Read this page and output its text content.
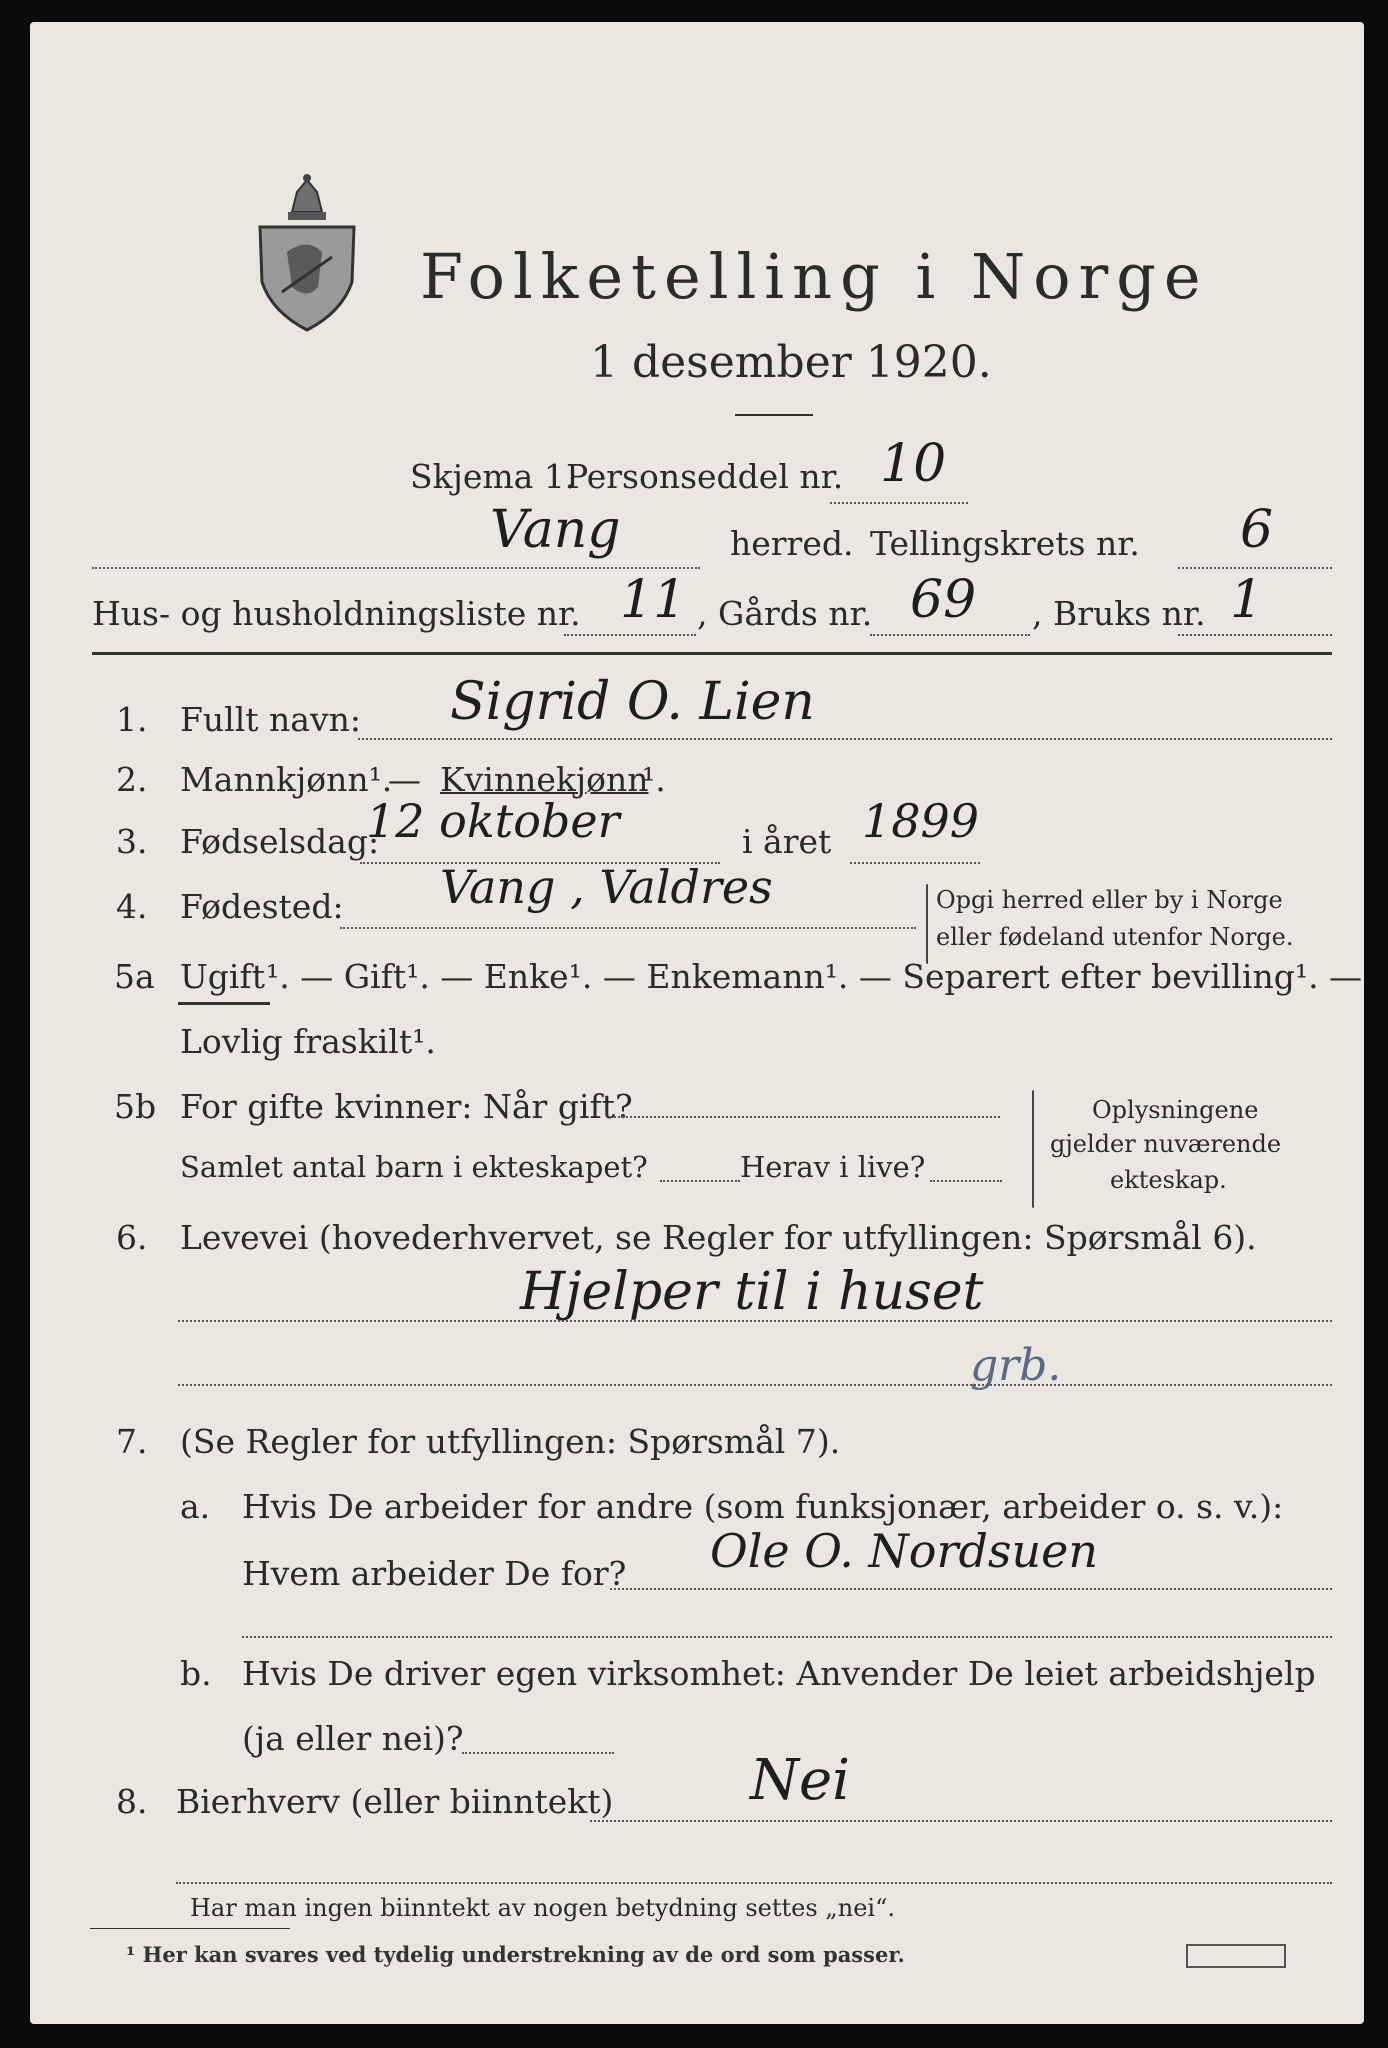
Folketelling i Norge
1 desember 1920.
Skjema 1.
Personseddel nr. 10
Vang	herred. Tellingskrets nr. 6
Hus- og husholdningsliste nr. 11 , Gårds nr. 69 , Bruks nr. 1
1. Fullt navn: Sigrid O. Lien
2. Mannkjønn¹.
— Kvinnekjønn
¹.
3. Fødselsdag:
12 oktober	i året 1899
4. Fødested: Vang , Valdres	Opgi herred eller by i Norge
eller fødeland utenfor Norge.
5a Ugift ¹. — Gift¹. — Enke¹. — Enkemann¹. — Separert efter bevilling¹. —
Lovlig fraskilt¹.
5b For gifte kvinner: Når gift?
Samlet antal barn i ekteskapet?	Herav i live?
Oplysningene
gjelder nuværende
ekteskap.
6. Levevei (hovederhvervet, se Regler for utfyllingen: Spørsmål 6).
Hjelper til i huset
grb.
7. (Se Regler for utfyllingen: Spørsmål 7).
a. Hvis De arbeider for andre (som funksjonær, arbeider o. s. v.):
Hvem arbeider De for? Ole O. Nordsuen
b. Hvis De driver egen virksomhet: Anvender De leiet arbeidshjelp
(ja eller nei)?
8. Bierhverv (eller biinntekt) Nei
Har man ingen biinntekt av nogen betydning settes „nei“.
¹ Her kan svares ved tydelig understrekning av de ord som passer.
